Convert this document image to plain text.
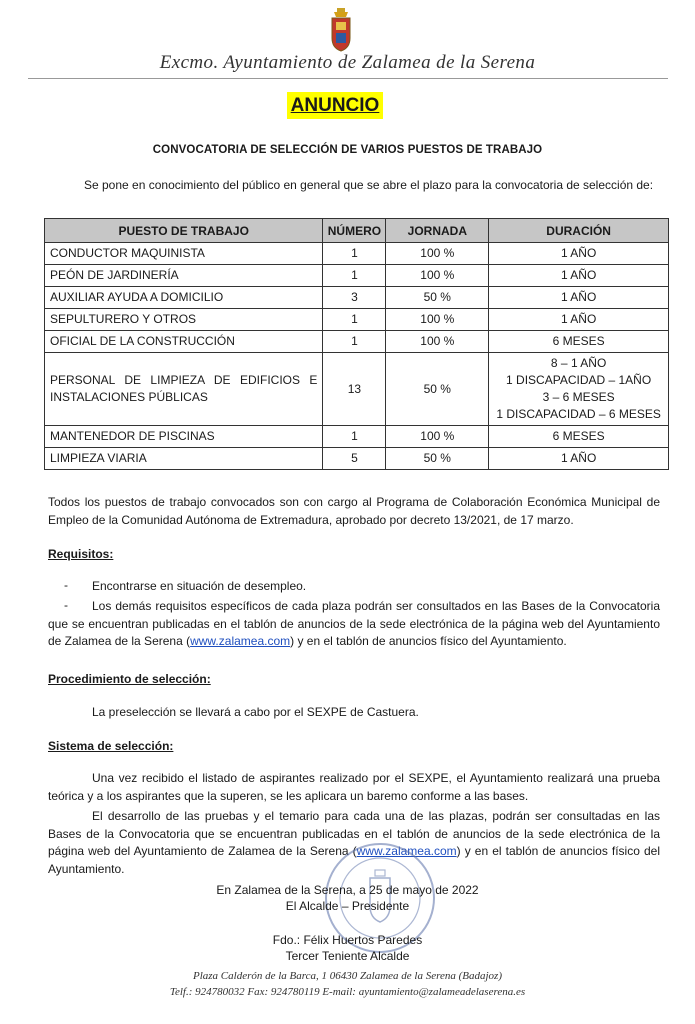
Excmo. Ayuntamiento de Zalamea de la Serena
ANUNCIO
CONVOCATORIA DE SELECCIÓN DE VARIOS PUESTOS DE TRABAJO
Se pone en conocimiento del público en general que se abre el plazo para la convocatoria de selección de:
PUESTO DE TRABAJO	NÚMERO	JORNADA	DURACIÓN
CONDUCTOR MAQUINISTA	1	100 %	1 AÑO
PEÓN DE JARDINERÍA	1	100 %	1 AÑO
AUXILIAR AYUDA A DOMICILIO	3	50 %	1 AÑO
SEPULTURERO Y OTROS	1	100 %	1 AÑO
OFICIAL DE LA CONSTRUCCIÓN	1	100 %	6 MESES
PERSONAL DE LIMPIEZA DE EDIFICIOS E INSTALACIONES PÚBLICAS	13	50 %	8 – 1 AÑO
1 DISCAPACIDAD – 1AÑO
3 – 6 MESES
1 DISCAPACIDAD – 6 MESES

MANTENEDOR DE PISCINAS	1	100 %	6 MESES
LIMPIEZA VIARIA	5	50 %	1 AÑO
Todos los puestos de trabajo convocados son con cargo al Programa de Colaboración Económica Municipal de Empleo de la Comunidad Autónoma de Extremadura, aprobado por decreto 13/2021, de 17 marzo.
Requisitos:
- Encontrarse en situación de desempleo.
-	Los demás requisitos específicos de cada plaza podrán ser consultados en las Bases de la Convocatoria que se encuentran publicadas en el tablón de anuncios de la sede electrónica de la página web del Ayuntamiento de Zalamea de la Serena (www.zalamea.com) y en el tablón de anuncios físico del Ayuntamiento.
Procedimiento de selección:
La preselección se llevará a cabo por el SEXPE de Castuera.
Sistema de selección:
Una vez recibido el listado de aspirantes realizado por el SEXPE, el Ayuntamiento realizará una prueba teórica y a los aspirantes que la superen, se les aplicara un baremo conforme a las bases.
El desarrollo de las pruebas y el temario para cada una de las plazas, podrán ser consultadas en las Bases de la Convocatoria que se encuentran publicadas en el tablón de anuncios de la sede electrónica de la página web del Ayuntamiento de Zalamea de la Serena (www.zalamea.com) y en el tablón de anuncios físico del Ayuntamiento.
En Zalamea de la Serena, a 25 de mayo de 2022
El Alcalde – Presidente
Fdo.: Félix Huertos Paredes
Tercer Teniente Alcalde
Plaza Calderón de la Barca, 1 06430 Zalamea de la Serena (Badajoz)
Telf.: 924780032 Fax: 924780119 E-mail: ayuntamiento@zalameadelaserena.es
